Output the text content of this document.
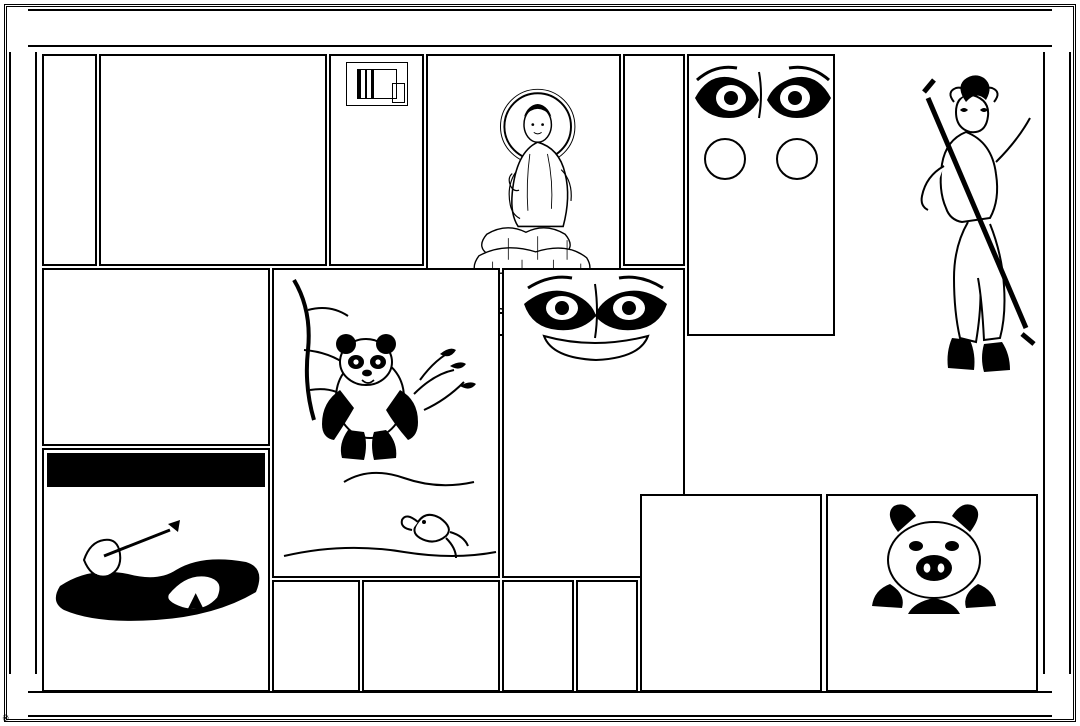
▲
※
